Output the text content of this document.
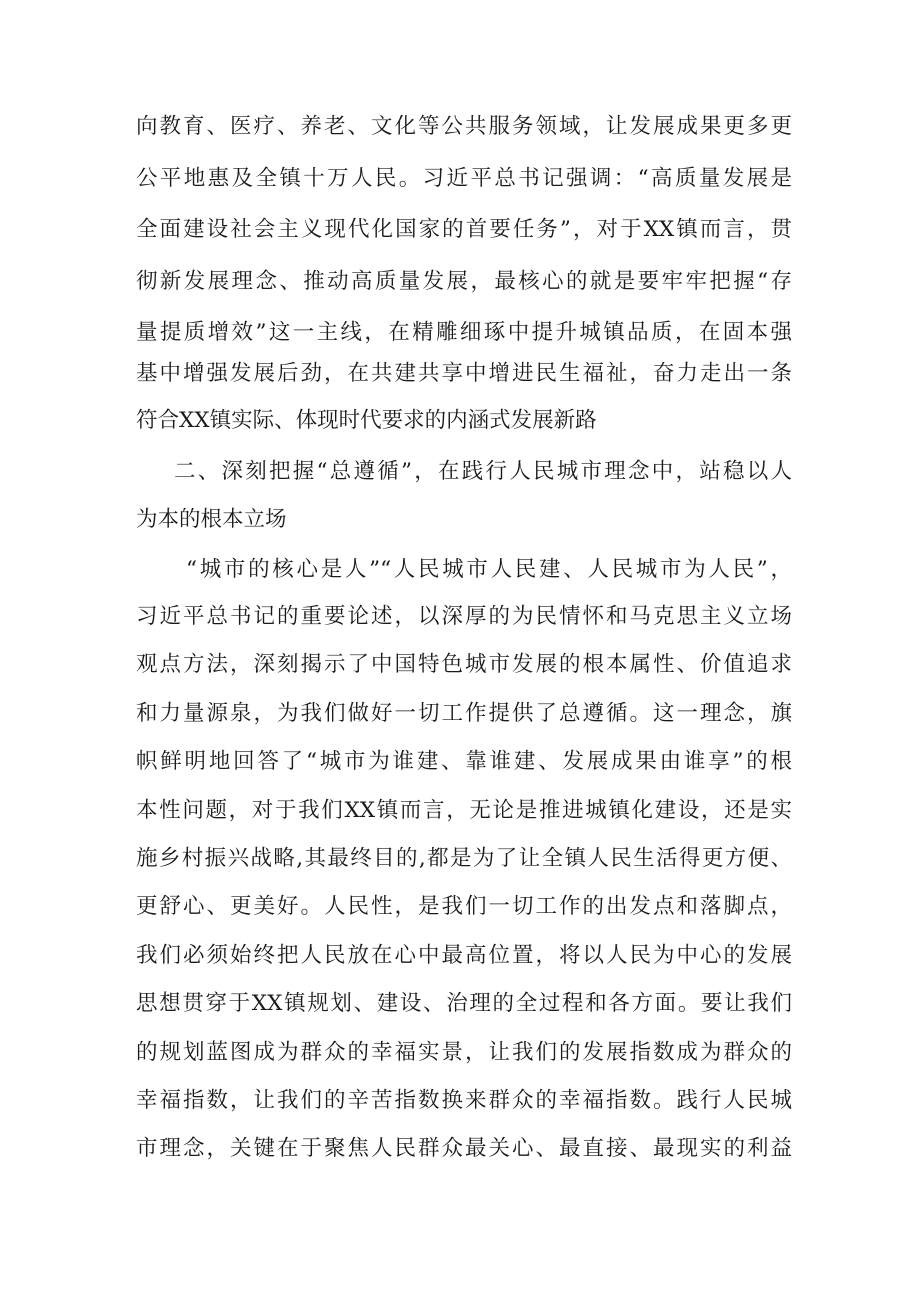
向教育、医疗、养老、文化等公共服务领域，让发展成果更多更
公平地惠及全镇十万人民。习近平总书记强调：“高质量发展是
全面建设社会主义现代化国家的首要任务”，对于XX镇而言，贯
彻新发展理念、推动高质量发展，最核心的就是要牢牢把握“存
量提质增效”这一主线，在精雕细琢中提升城镇品质，在固本强
基中增强发展后劲，在共建共享中增进民生福祉，奋力走出一条
符合XX镇实际、体现时代要求的内涵式发展新路
二、深刻把握“总遵循”，在践行人民城市理念中，站稳以人
为本的根本立场
“城市的核心是人”“人民城市人民建、人民城市为人民”，
习近平总书记的重要论述，以深厚的为民情怀和马克思主义立场
观点方法，深刻揭示了中国特色城市发展的根本属性、价值追求
和力量源泉，为我们做好一切工作提供了总遵循。这一理念，旗
帜鲜明地回答了“城市为谁建、靠谁建、发展成果由谁享”的根
本性问题，对于我们XX镇而言，无论是推进城镇化建设，还是实
施乡村振兴战略,其最终目的,都是为了让全镇人民生活得更方便、
更舒心、更美好。人民性，是我们一切工作的出发点和落脚点，
我们必须始终把人民放在心中最高位置，将以人民为中心的发展
思想贯穿于XX镇规划、建设、治理的全过程和各方面。要让我们
的规划蓝图成为群众的幸福实景，让我们的发展指数成为群众的
幸福指数，让我们的辛苦指数换来群众的幸福指数。践行人民城
市理念，关键在于聚焦人民群众最关心、最直接、最现实的利益
